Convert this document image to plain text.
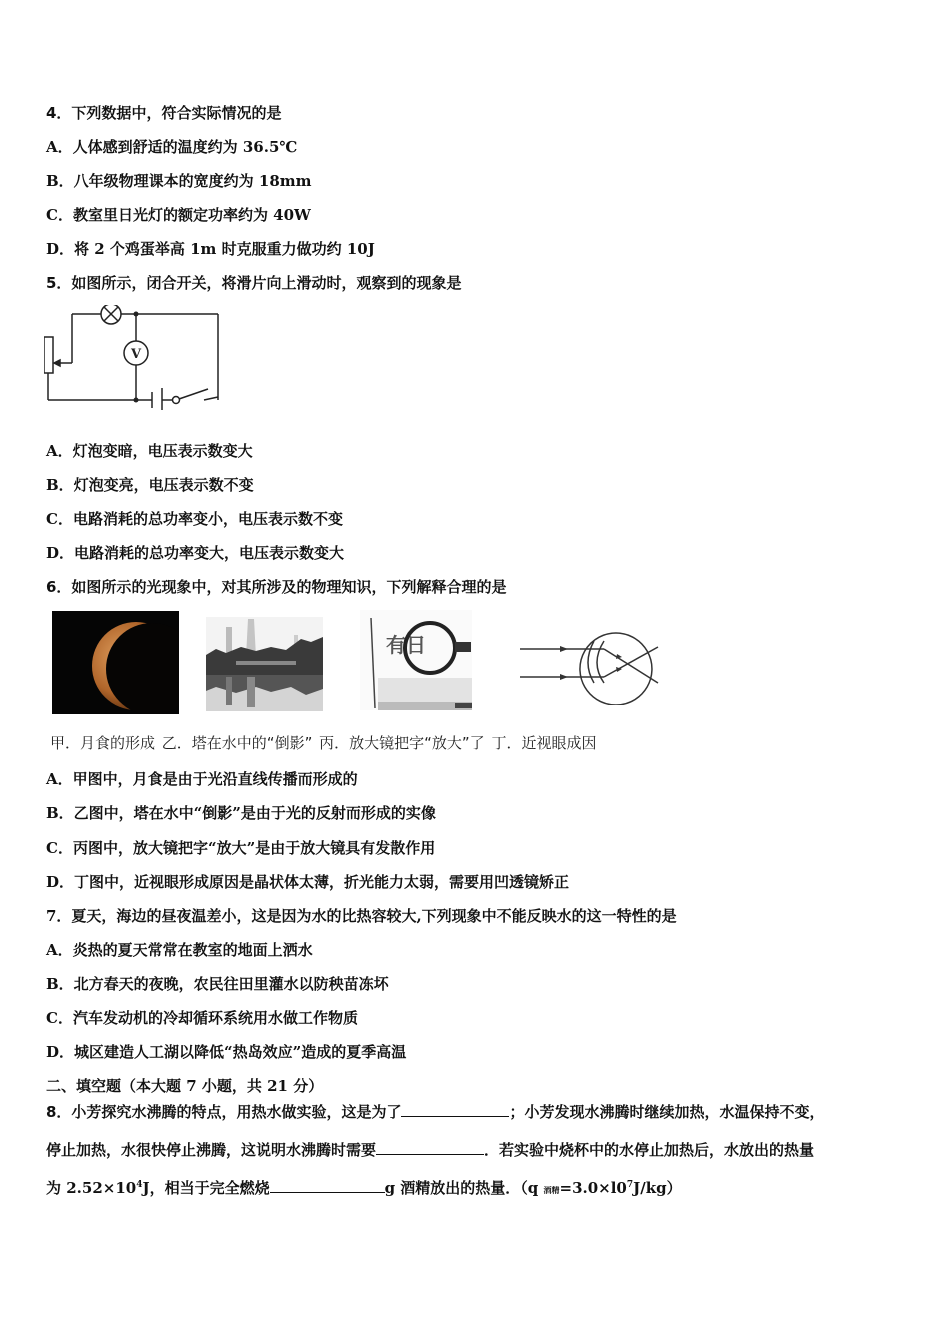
4．下列数据中，符合实际情况的是
A．人体感到舒适的温度约为 36.5℃
B．八年级物理课本的宽度约为 18mm
C．教室里日光灯的额定功率约为 40W
D．将 2 个鸡蛋举高 1m 时克服重力做功约 10J
5．如图所示，闭合开关，将滑片向上滑动时，观察到的现象是
V
A．灯泡变暗，电压表示数变大
B．灯泡变亮，电压表示数不变
C．电路消耗的总功率变小，电压表示数不变
D．电路消耗的总功率变大，电压表示数变大
6．如图所示的光现象中，对其所涉及的物理知识，下列解释合理的是
有日
甲．月食的形成 乙．塔在水中的“倒影” 丙．放大镜把字“放大”了 丁．近视眼成因
A．甲图中，月食是由于光沿直线传播而形成的
B．乙图中，塔在水中“倒影”是由于光的反射而形成的实像
C．丙图中，放大镜把字“放大”是由于放大镜具有发散作用
D．丁图中，近视眼形成原因是晶状体太薄，折光能力太弱，需要用凹透镜矫正
7．夏天，海边的昼夜温差小，这是因为水的比热容较大,下列现象中不能反映水的这一特性的是
A．炎热的夏天常常在教室的地面上洒水
B．北方春天的夜晚，农民往田里灌水以防秧苗冻坏
C．汽车发动机的冷却循环系统用水做工作物质
D．城区建造人工湖以降低“热岛效应”造成的夏季高温
二、填空题（本大题 7 小题，共 21 分）
8．小芳探究水沸腾的特点，用热水做实验，这是为了	；小芳发现水沸腾时继续加热，水温保持不变，
停止加热，水很快停止沸腾，这说明水沸腾时需要	．若实验中烧杯中的水停止加热后，水放出的热量
为 $2.52\times 10^4J$，相当于完全燃烧	g 酒精放出的热量．（q 酒精$=3.0\times l0^7J/kg$）
